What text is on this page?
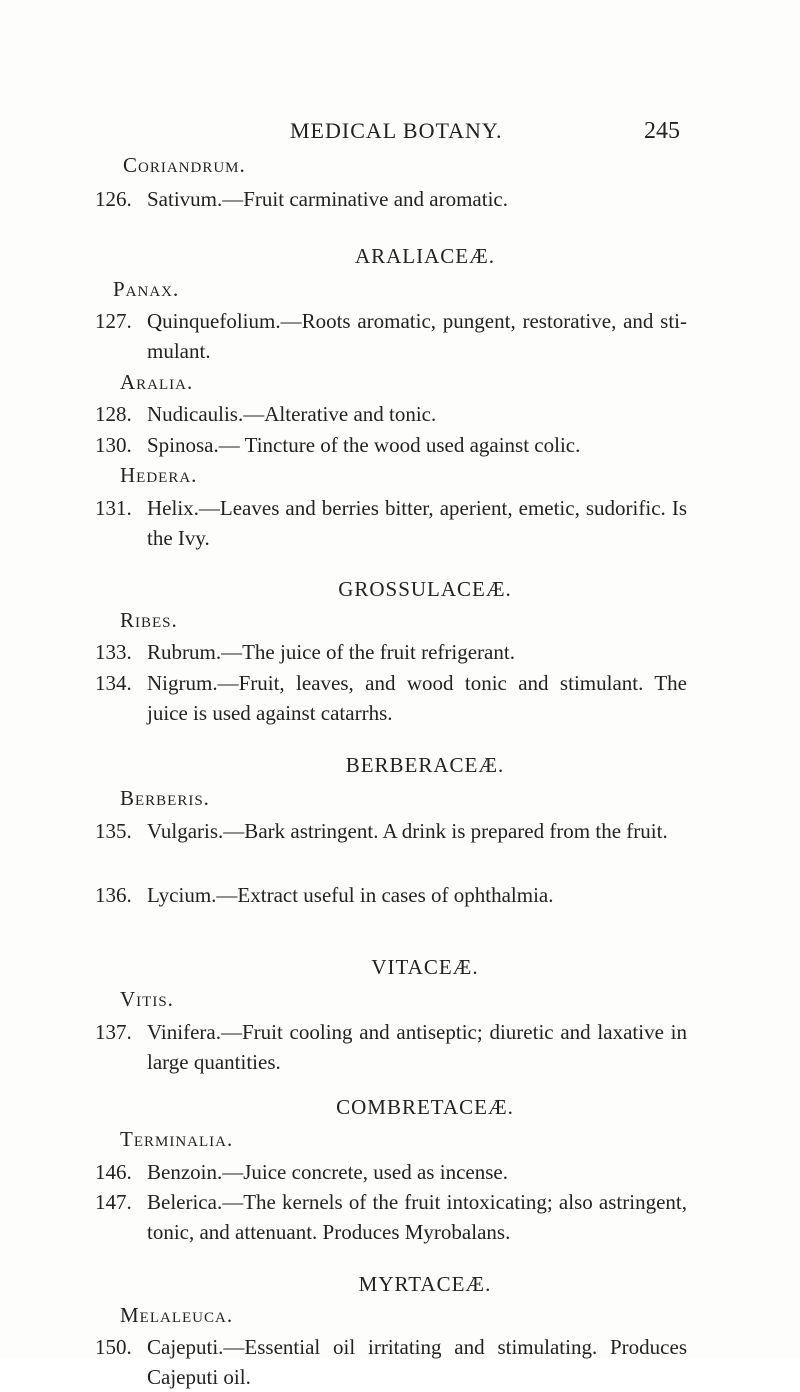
MEDICAL BOTANY.	245
Coriandrum.
126. Sativum.—Fruit carminative and aromatic.
ARALIACEÆ.
Panax.
127. Quinquefolium.—Roots aromatic, pungent, restorative, and sti- mulant.
Aralia.
128. Nudicaulis.—Alterative and tonic.
130. Spinosa.— Tincture of the wood used against colic.
Hedera.
131. Helix.—Leaves and berries bitter, aperient, emetic, sudorific. Is the Ivy.
GROSSULACEÆ.
Ribes.
133. Rubrum.—The juice of the fruit refrigerant.
134. Nigrum.—Fruit, leaves, and wood tonic and stimulant. The juice is used against catarrhs.
BERBERACEÆ.
Berberis.
135. Vulgaris.—Bark astringent. A drink is prepared from the fruit.
136. Lycium.—Extract useful in cases of ophthalmia.
VITACEÆ.
Vitis.
137. Vinifera.—Fruit cooling and antiseptic; diuretic and laxative in large quantities.
COMBRETACEÆ.
Terminalia.
146. Benzoin.—Juice concrete, used as incense.
147. Belerica.—The kernels of the fruit intoxicating; also astringent, tonic, and attenuant. Produces Myrobalans.
MYRTACEÆ.
Melaleuca.
150. Cajeputi.—Essential oil irritating and stimulating. Produces Cajeputi oil.
